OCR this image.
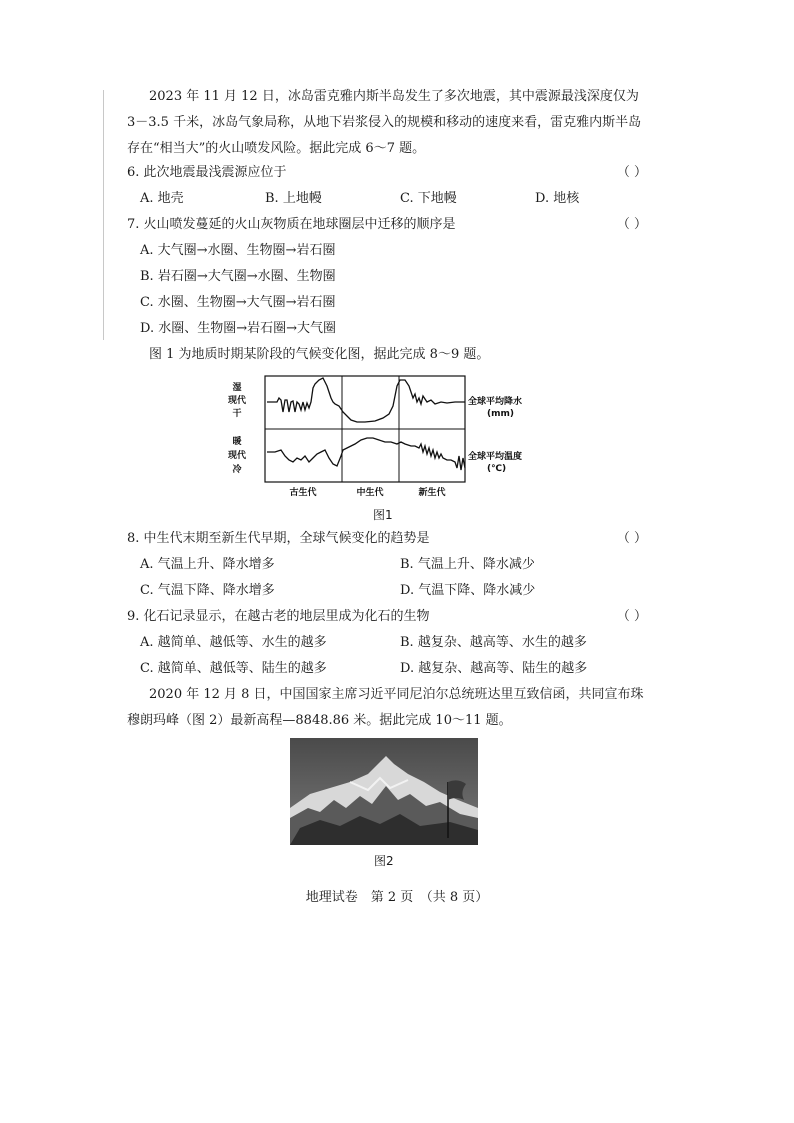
2023 年 11 月 12 日，冰岛雷克雅内斯半岛发生了多次地震，其中震源最浅深度仅为 3－3.5 千米，冰岛气象局称，从地下岩浆侵入的规模和移动的速度来看，雷克雅内斯半岛存在“相当大”的火山喷发风险。据此完成 6～7 题。
6. 此次地震最浅震源应位于	（ ）
A. 地壳	B. 上地幔	C. 下地幔	D. 地核
7. 火山喷发蔓延的火山灰物质在地球圈层中迁移的顺序是	（ ）
A. 大气圈→水圈、生物圈→岩石圈
B. 岩石圈→大气圈→水圈、生物圈
C. 水圈、生物圈→大气圈→岩石圈
D. 水圈、生物圈→岩石圈→大气圈
图 1 为地质时期某阶段的气候变化图，据此完成 8～9 题。
湿
现代
干
暖
现代
冷
全球平均降水
(mm)
全球平均温度
(℃)
古生代	中生代	新生代
图1
8. 中生代末期至新生代早期，全球气候变化的趋势是	（ ）
A. 气温上升、降水增多	B. 气温上升、降水减少
C. 气温下降、降水增多	D. 气温下降、降水减少
9. 化石记录显示，在越古老的地层里成为化石的生物	（ ）
A. 越简单、越低等、水生的越多	B. 越复杂、越高等、水生的越多
C. 越简单、越低等、陆生的越多	D. 越复杂、越高等、陆生的越多
2020 年 12 月 8 日，中国国家主席习近平同尼泊尔总统班达里互致信函，共同宣布珠穆朗玛峰（图 2）最新高程—8848.86 米。据此完成 10～11 题。
图2
地理试卷　第 2 页　（共 8 页）
